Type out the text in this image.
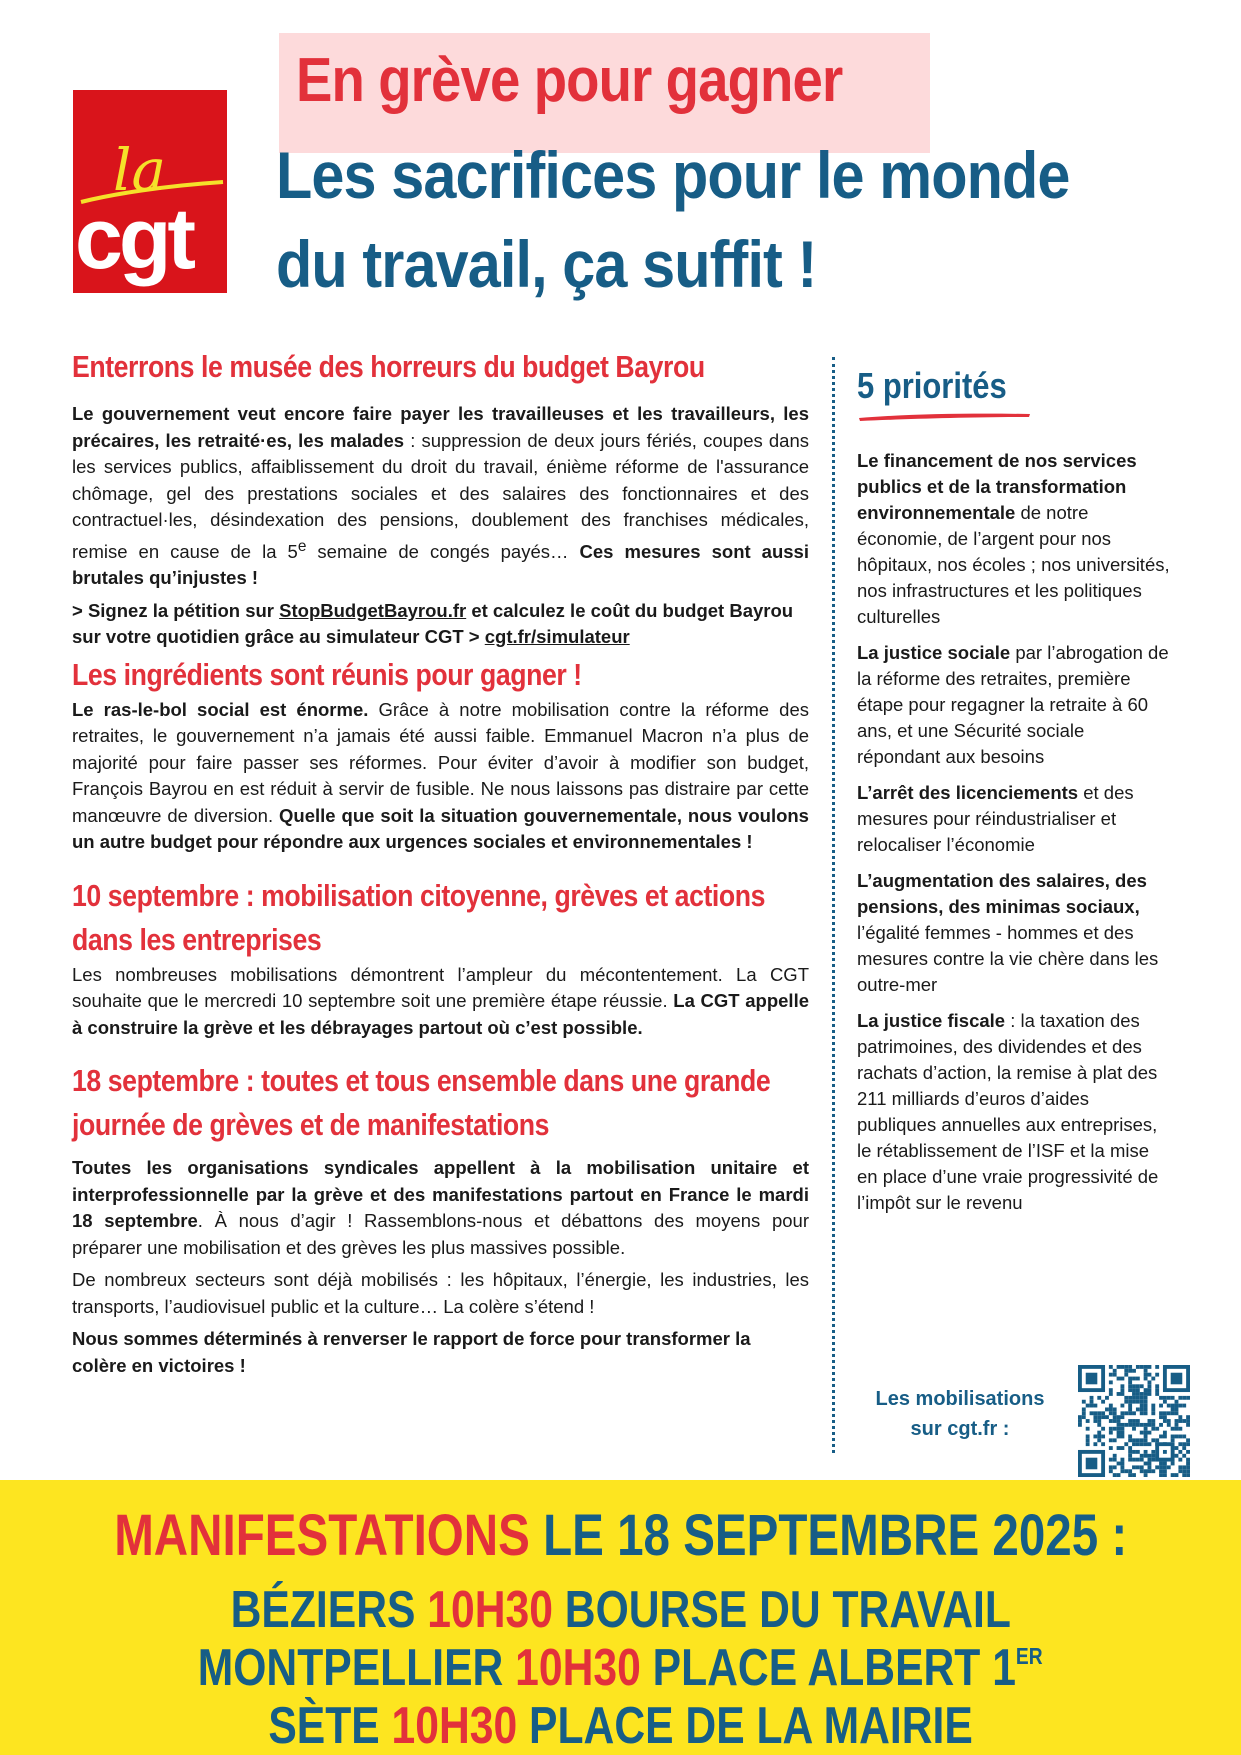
la
cgt
En grève pour gagner
Les sacrifices pour le monde
du travail, ça suffit !
Enterrons le musée des horreurs du budget Bayrou

Le gouvernement veut encore faire payer les travailleuses et les travailleurs, les précaires, les retraité·es, les malades : suppression de deux jours fériés, coupes dans les services publics, affaiblissement du droit du travail, énième réforme de l'assurance chômage, gel des prestations sociales et des salaires des fonctionnaires et des contractuel·les, désindexation des pensions, doublement des franchises médicales, remise en cause de la 5e semaine de congés payés… Ces mesures sont aussi brutales qu’injustes !

> Signez la pétition sur StopBudgetBayrou.fr et calculez le coût du budget Bayrou sur votre quotidien grâce au simulateur CGT > cgt.fr/simulateur

Les ingrédients sont réunis pour gagner !

Le ras-le-bol social est énorme. Grâce à notre mobilisation contre la réforme des retraites, le gouvernement n’a jamais été aussi faible. Emmanuel Macron n’a plus de majorité pour faire passer ses réformes. Pour éviter d’avoir à modifier son budget, François Bayrou en est réduit à servir de fusible. Ne nous laissons pas distraire par cette manœuvre de diversion. Quelle que soit la situation gouvernementale, nous voulons un autre budget pour répondre aux urgences sociales et environnementales !

10 septembre : mobilisation citoyenne, grèves et actions dans les entreprises

Les nombreuses mobilisations démontrent l’ampleur du mécontentement. La CGT souhaite que le mercredi 10 septembre soit une première étape réussie. La CGT appelle à construire la grève et les débrayages partout où c’est possible.

18 septembre : toutes et tous ensemble dans une grande journée de grèves et de manifestations

Toutes les organisations syndicales appellent à la mobilisation unitaire et interprofessionnelle par la grève et des manifestations partout en France le mardi 18 septembre. À nous d’agir ! Rassemblons-nous et débattons des moyens pour préparer une mobilisation et des grèves les plus massives possible.

De nombreux secteurs sont déjà mobilisés : les hôpitaux, l’énergie, les industries, les transports, l’audiovisuel public et la culture… La colère s’étend !

Nous sommes déterminés à renverser le rapport de force pour transformer la colère en victoires !

5 priorités
Le financement de nos services publics et de la transformation environnementale de notre économie, de l’argent pour nos hôpitaux, nos écoles ; nos universités, nos infrastructures et les politiques culturelles
La justice sociale par l’abrogation de la réforme des retraites, première étape pour regagner la retraite à 60 ans, et une Sécurité sociale répondant aux besoins
L’arrêt des licenciements et des mesures pour réindustrialiser et relocaliser l’économie
L’augmentation des salaires, des pensions, des minimas sociaux, l’égalité femmes - hommes et des mesures contre la vie chère dans les outre-mer
La justice fiscale : la taxation des patrimoines, des dividendes et des rachats d’action, la remise à plat des 211 milliards d’euros d’aides publiques annuelles aux entreprises, le rétablissement de l’ISF et la mise en place d’une vraie progressivité de l’impôt sur le revenu
Les mobilisations
sur cgt.fr :
MANIFESTATIONS LE 18 SEPTEMBRE 2025 :
BÉZIERS 10H30 BOURSE DU TRAVAIL
MONTPELLIER 10H30 PLACE ALBERT 1ER
SÈTE 10H30 PLACE DE LA MAIRIE
